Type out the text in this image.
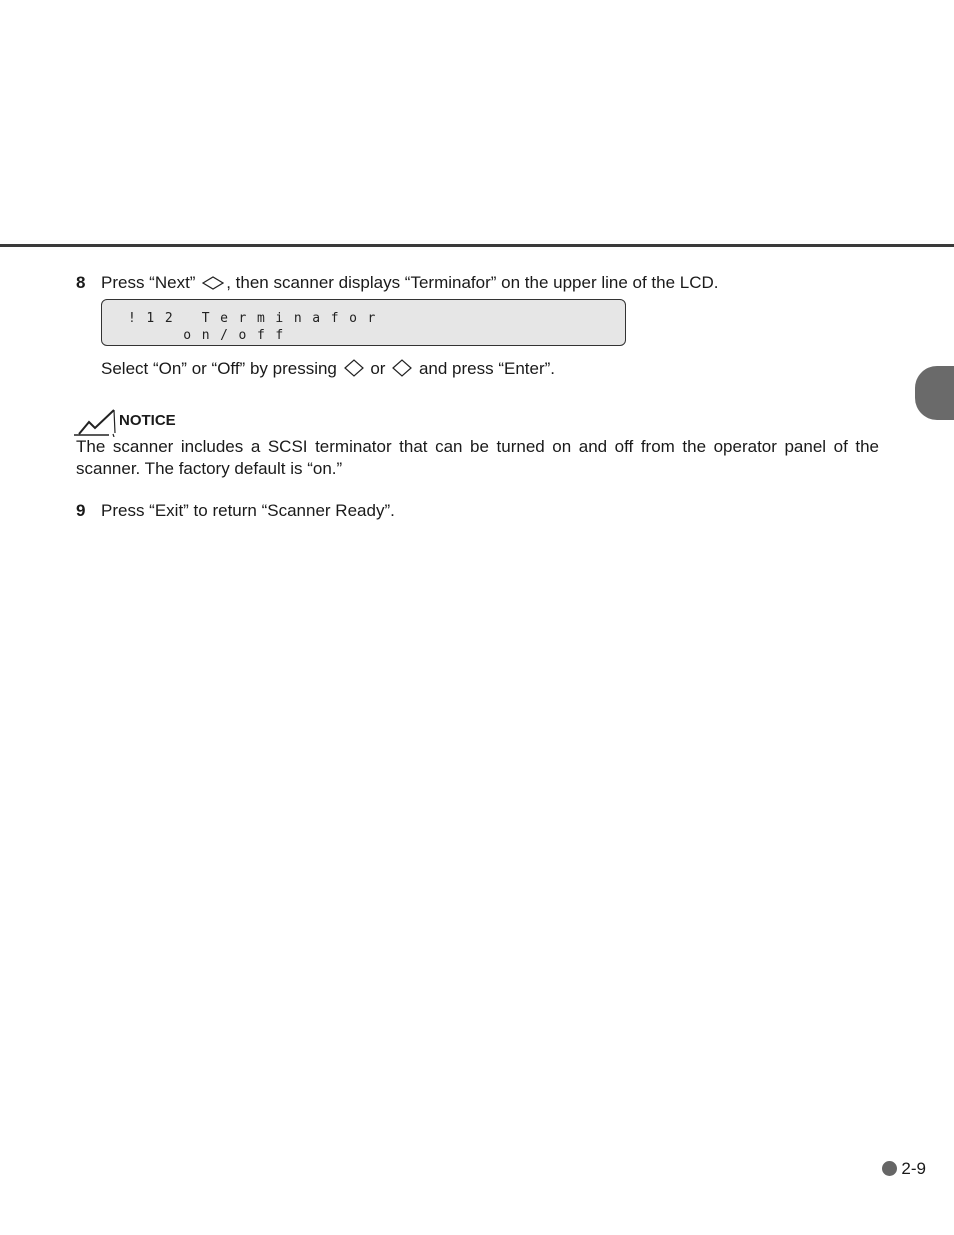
8 Press “Next” , then scanner displays “Terminafor” on the upper line of the LCD.
!12 Terminafor
on/off
Select “On” or “Off” by pressing or and press “Enter”.
NOTICE
The scanner includes a SCSI terminator that can be turned on and off from the operator panel of the scanner. The factory default is “on.”
9 Press “Exit” to return “Scanner Ready”.
2-9
